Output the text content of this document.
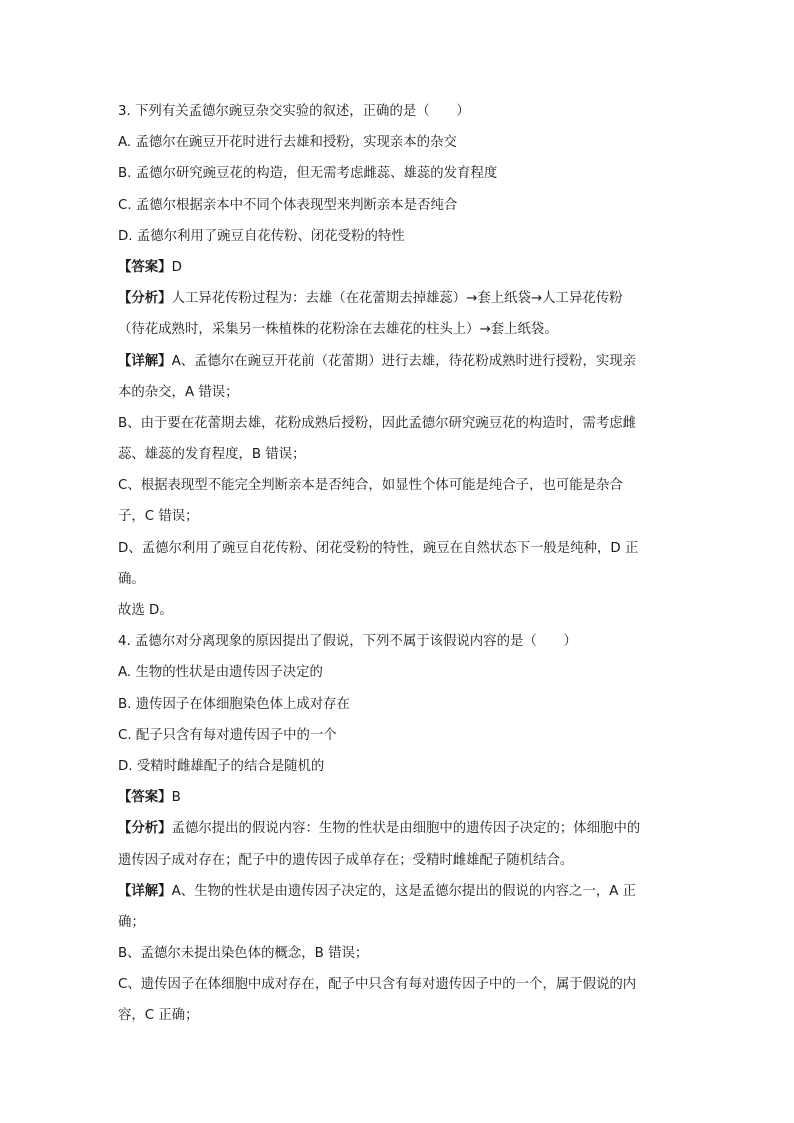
3. 下列有关孟德尔豌豆杂交实验的叙述，正确的是（　　）
A. 孟德尔在豌豆开花时进行去雄和授粉，实现亲本的杂交
B. 孟德尔研究豌豆花的构造，但无需考虑雌蕊、雄蕊的发育程度
C. 孟德尔根据亲本中不同个体表现型来判断亲本是否纯合
D. 孟德尔利用了豌豆自花传粉、闭花受粉的特性
【答案】D
【分析】人工异花传粉过程为：去雄（在花蕾期去掉雄蕊）→套上纸袋→人工异花传粉
（待花成熟时，采集另一株植株的花粉涂在去雄花的柱头上）→套上纸袋。
【详解】A、孟德尔在豌豆开花前（花蕾期）进行去雄，待花粉成熟时进行授粉，实现亲
本的杂交，A 错误；
B、由于要在花蕾期去雄，花粉成熟后授粉，因此孟德尔研究豌豆花的构造时，需考虑雌
蕊、雄蕊的发育程度，B 错误；
C、根据表现型不能完全判断亲本是否纯合，如显性个体可能是纯合子，也可能是杂合
子，C 错误；
D、孟德尔利用了豌豆自花传粉、闭花受粉的特性，豌豆在自然状态下一般是纯种，D 正
确。
故选 D。
4. 孟德尔对分离现象的原因提出了假说，下列不属于该假说内容的是（　　）
A. 生物的性状是由遗传因子决定的
B. 遗传因子在体细胞染色体上成对存在
C. 配子只含有每对遗传因子中的一个
D. 受精时雌雄配子的结合是随机的
【答案】B
【分析】孟德尔提出的假说内容：生物的性状是由细胞中的遗传因子决定的；体细胞中的
遗传因子成对存在；配子中的遗传因子成单存在；受精时雌雄配子随机结合。
【详解】A、生物的性状是由遗传因子决定的，这是孟德尔提出的假说的内容之一，A 正
确；
B、孟德尔未提出染色体的概念，B 错误；
C、遗传因子在体细胞中成对存在，配子中只含有每对遗传因子中的一个，属于假说的内
容，C 正确；
